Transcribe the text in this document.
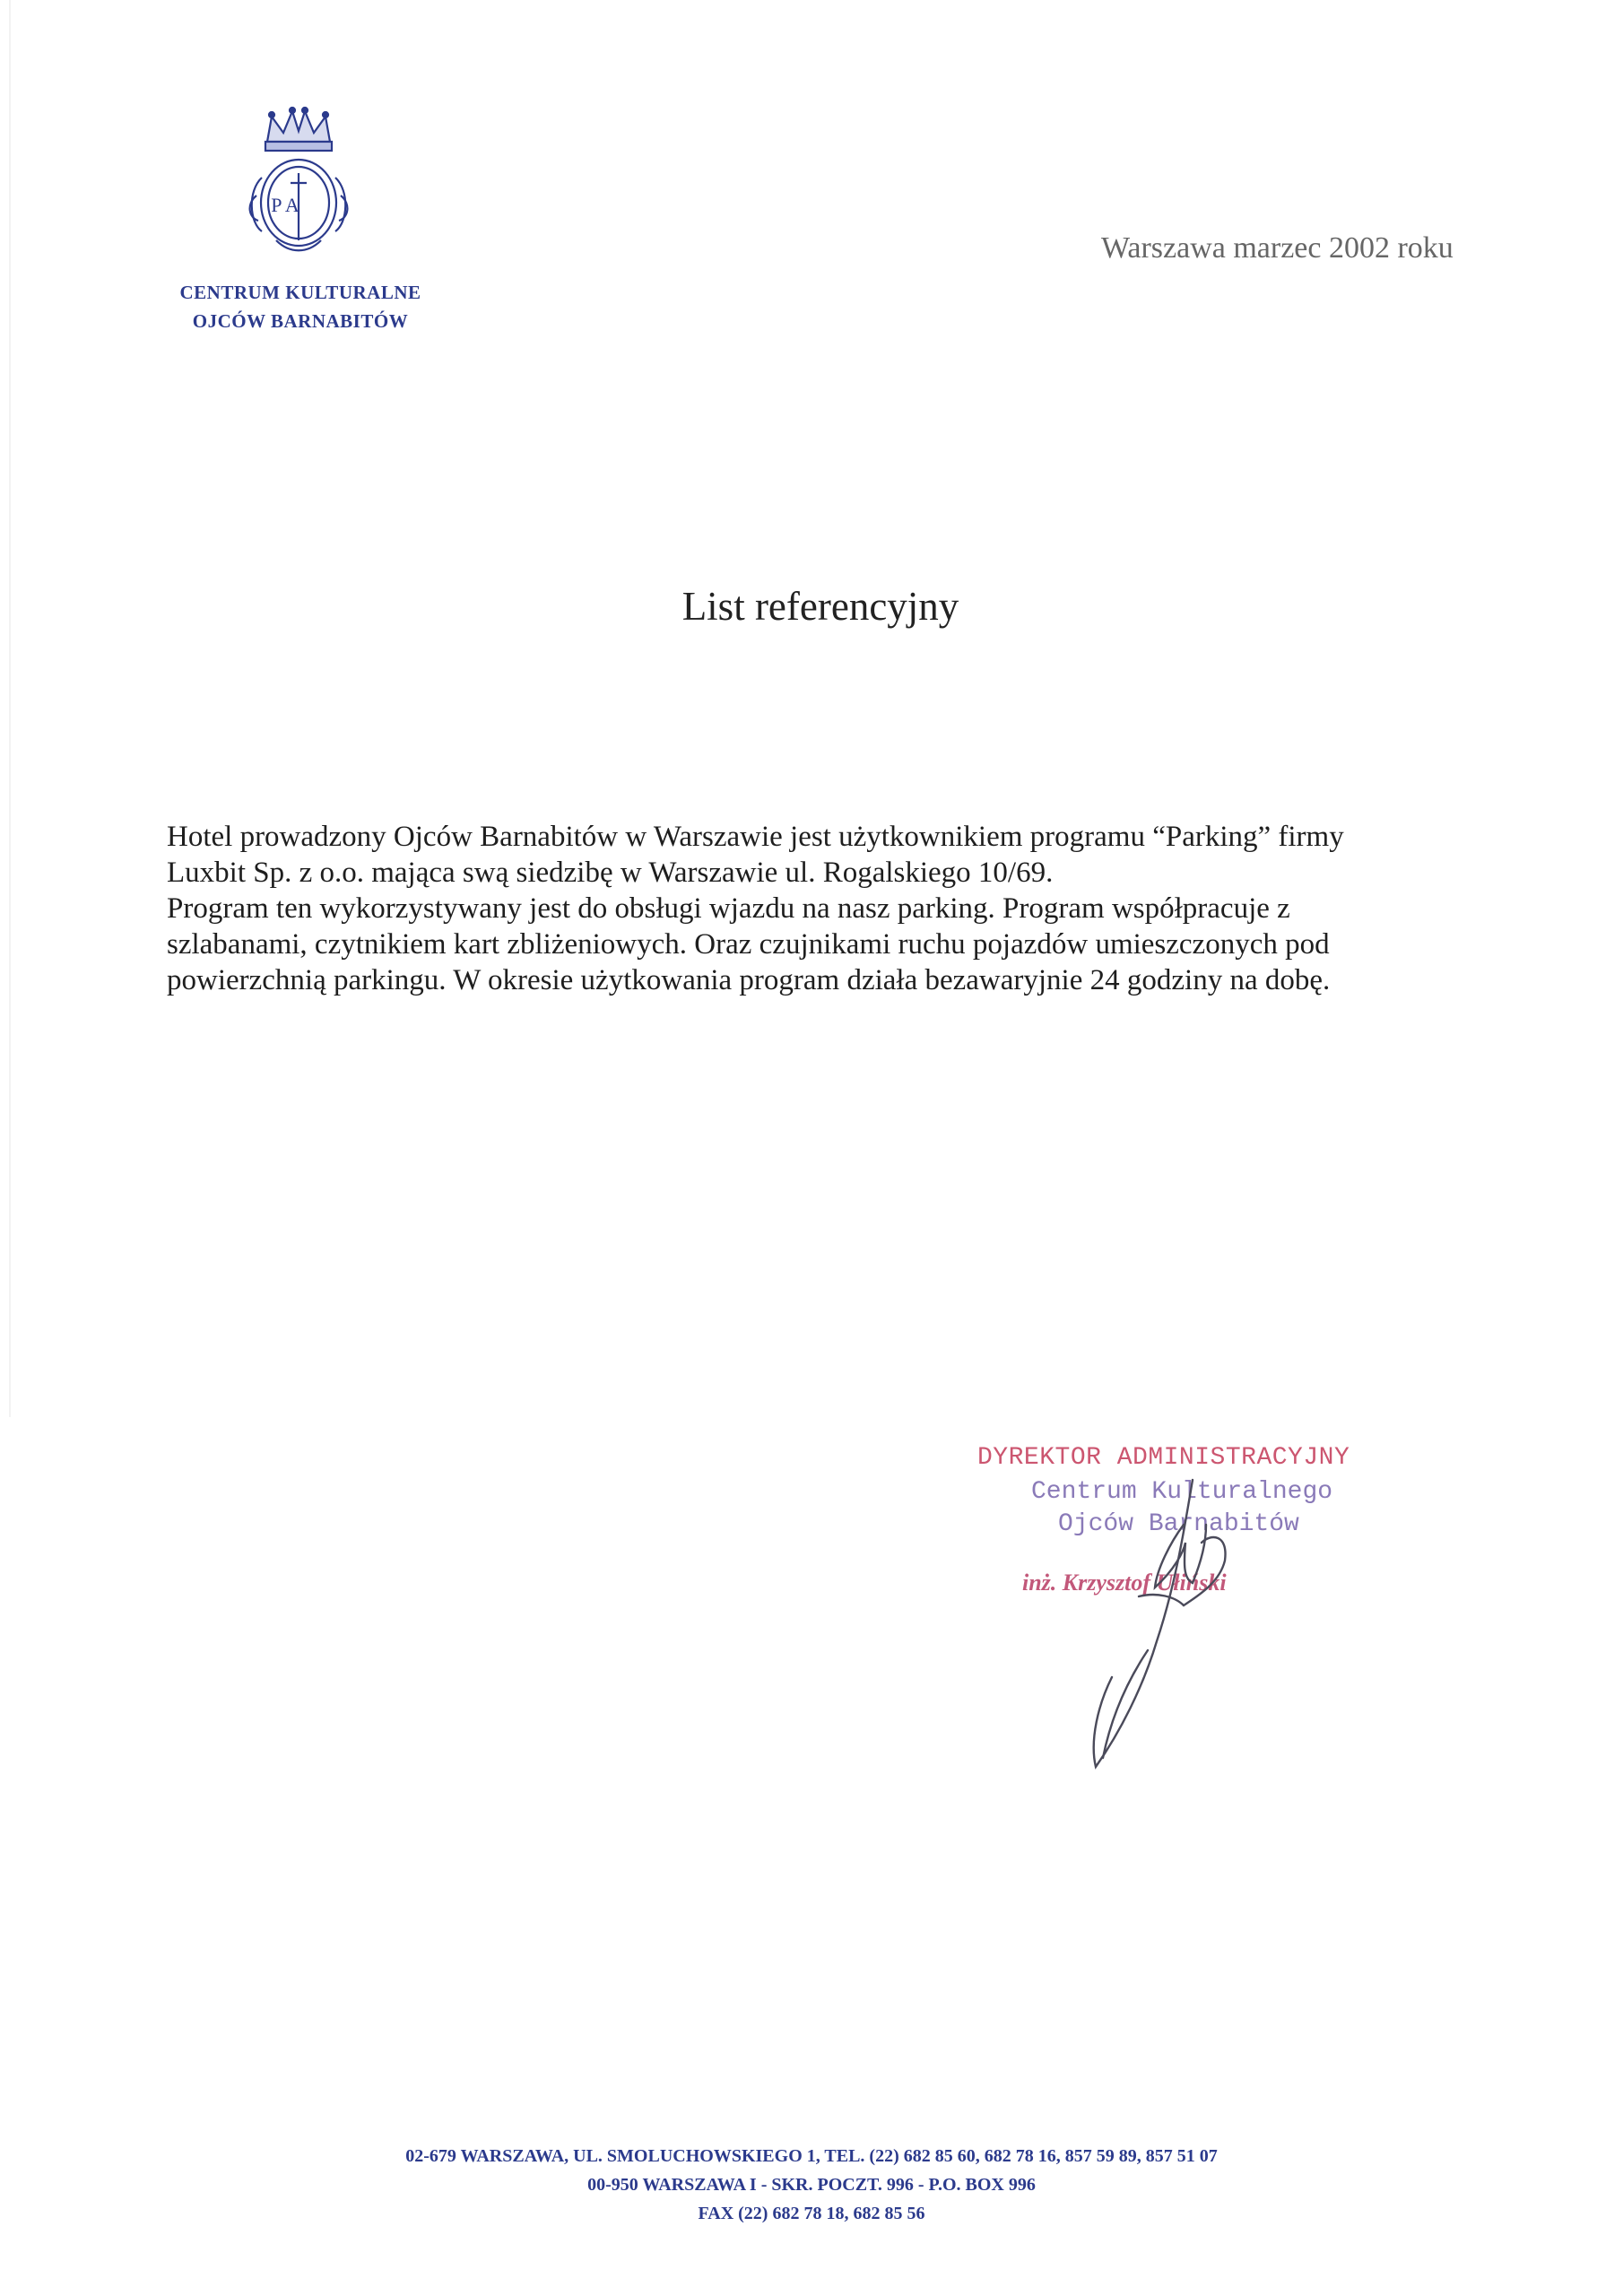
P A
CENTRUM KULTURALNE
OJCÓW BARNABITÓW
Warszawa marzec 2002 roku
List referencyjny

Hotel prowadzony Ojców Barnabitów w Warszawie jest użytkownikiem programu “Parking” firmy

Luxbit Sp. z o.o. mająca swą siedzibę w Warszawie ul. Rogalskiego 10/69.

Program ten wykorzystywany jest do obsługi wjazdu na nasz parking. Program współpracuje z

szlabanami, czytnikiem kart zbliżeniowych. Oraz czujnikami ruchu pojazdów umieszczonych pod

powierzchnią parkingu. W okresie użytkowania program działa bezawaryjnie 24 godziny na dobę.

DYREKTOR ADMINISTRACYJNY
Centrum Kulturalnego
Ojców Barnabitów
inż. Krzysztof Ułiński
02-679 WARSZAWA, UL. SMOLUCHOWSKIEGO 1, TEL. (22) 682 85 60, 682 78 16, 857 59 89, 857 51 07
00-950 WARSZAWA I - SKR. POCZT. 996 - P.O. BOX 996
FAX (22) 682 78 18, 682 85 56
